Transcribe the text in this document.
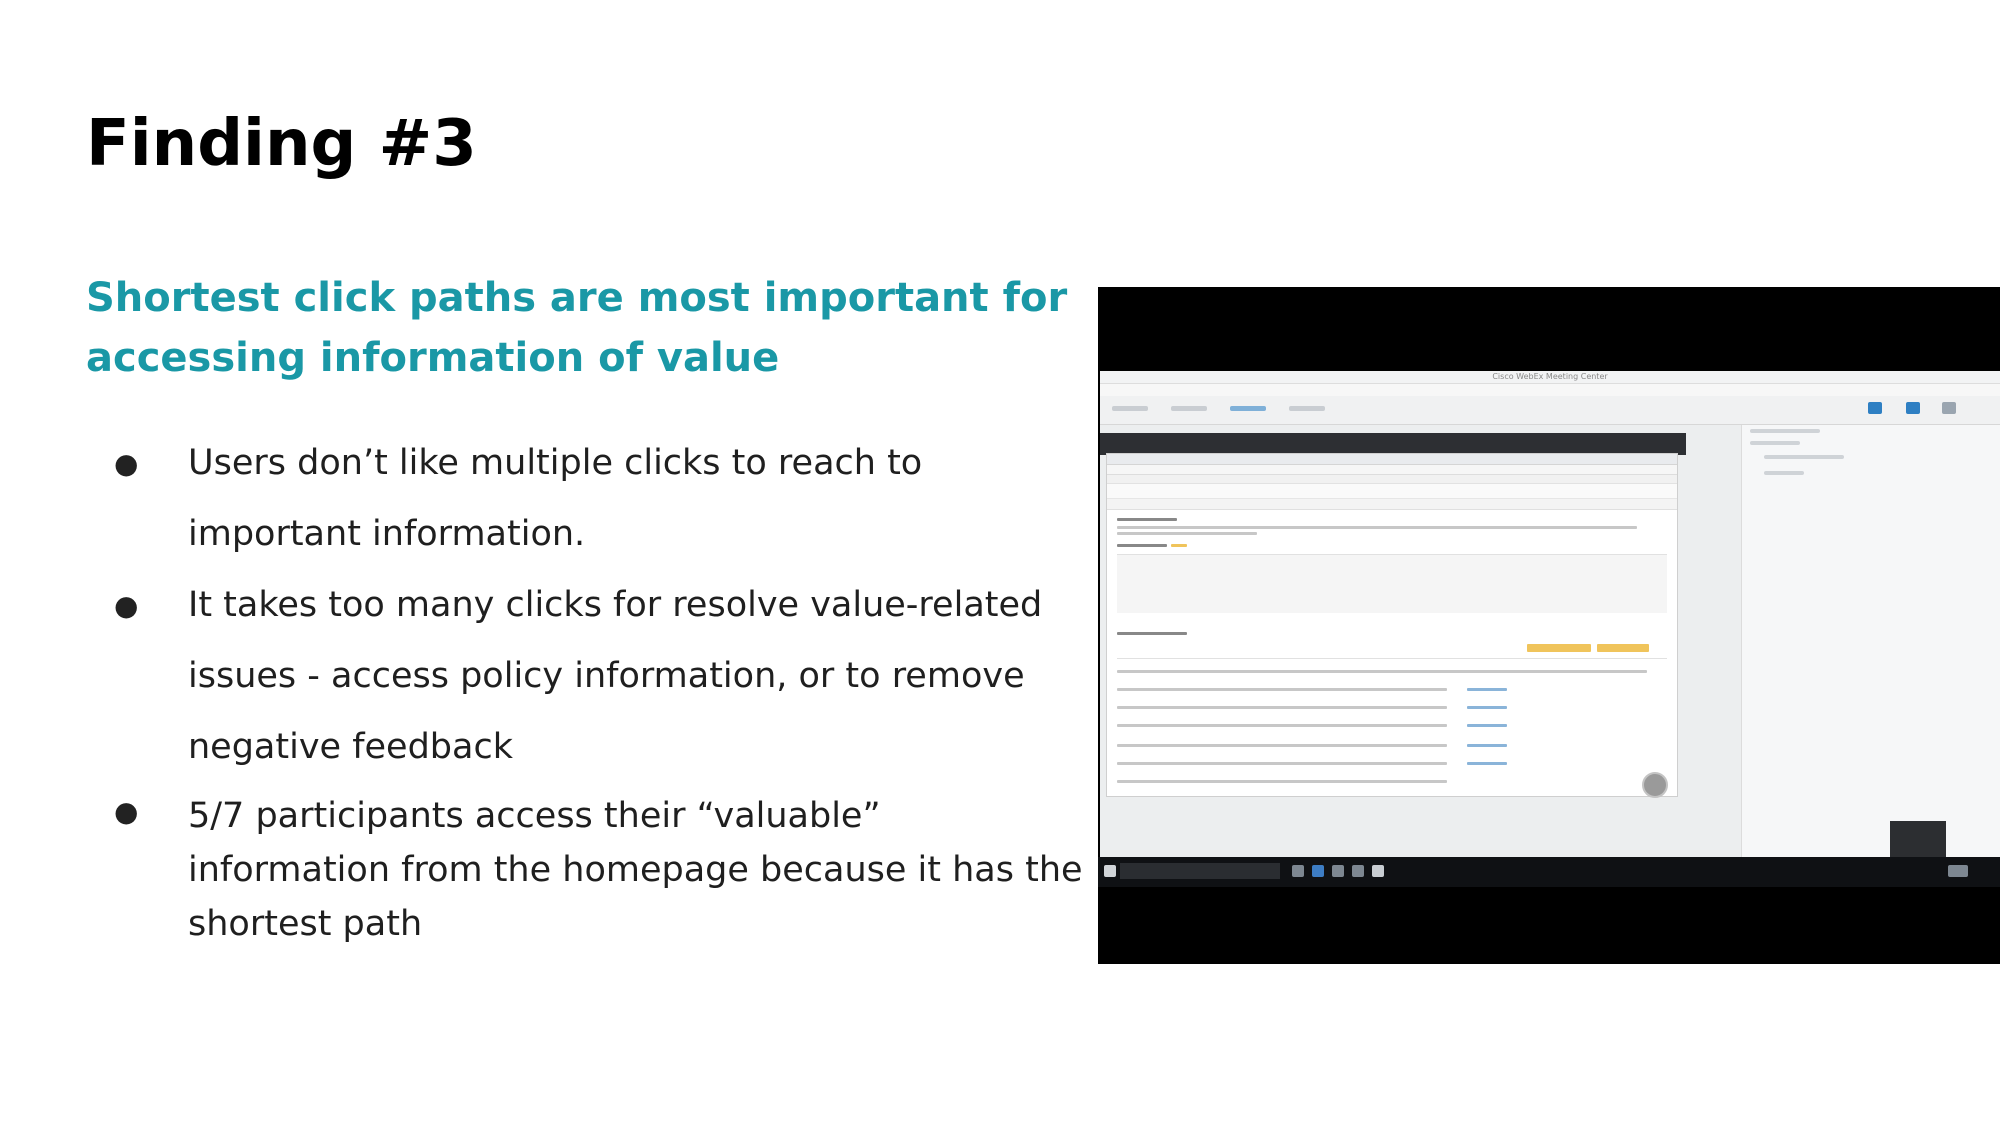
Finding #3
Shortest click paths are most important for accessing information of value
● Users don’t like multiple clicks to reach to important information.
● It takes too many clicks for resolve value-related issues - access policy information, or to remove negative feedback
● 5/7 participants access their “valuable” information from the homepage because it has the shortest path
Cisco WebEx Meeting Center
